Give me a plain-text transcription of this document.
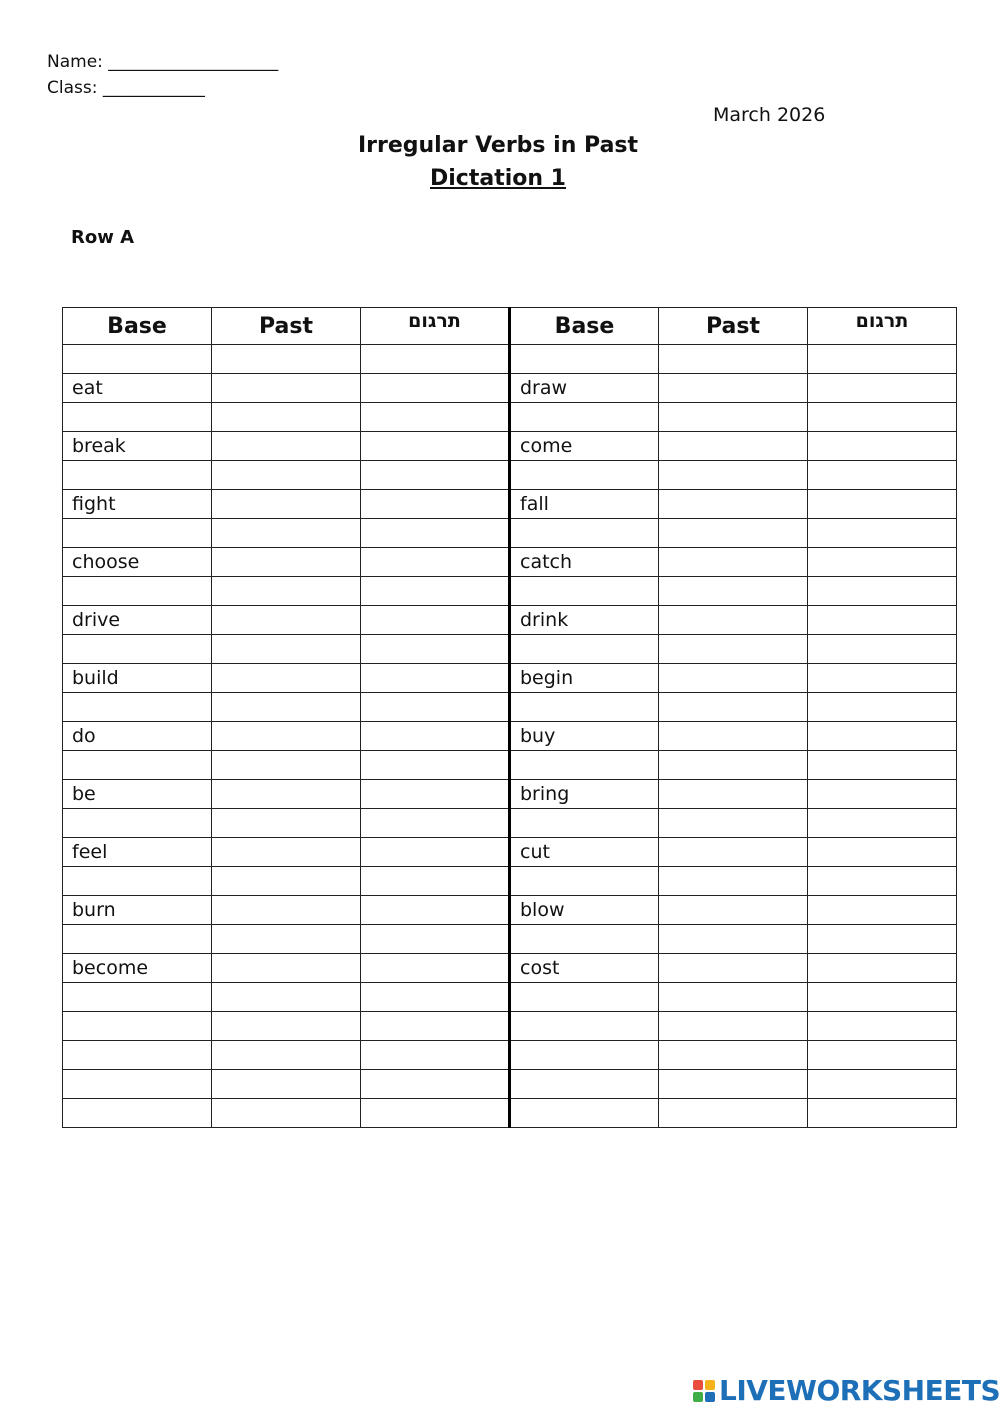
Name: ____________________
Class: ____________
March 2026
Irregular Verbs in Past
Dictation 1
Row A
Base	Past	תרגום	Base	Past	תרגום

eat			draw		

break			come		

fight			fall		

choose			catch		

drive			drink		

build			begin		

do			buy		

be			bring		

feel			cut		

burn			blow		

become			cost		

LIVEWORKSHEETS
